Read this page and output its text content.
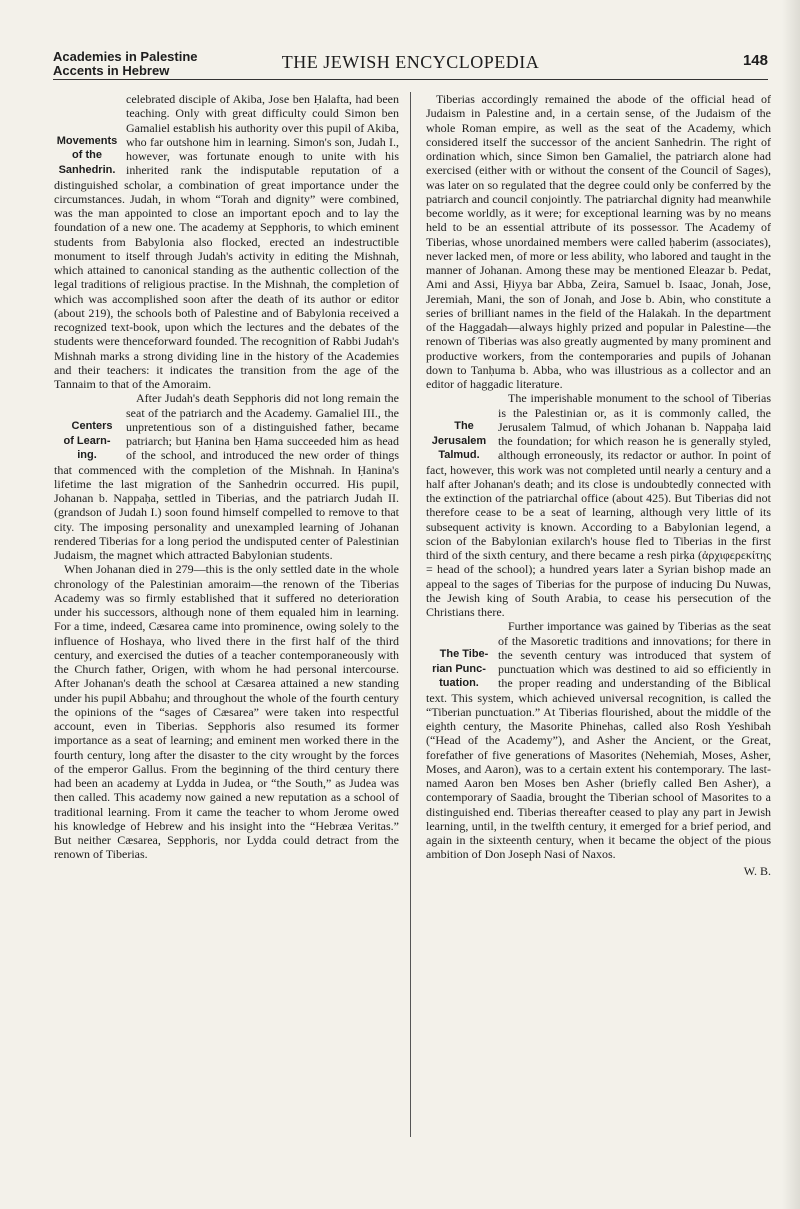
Academies in Palestine
Accents in Hebrew	THE JEWISH ENCYCLOPEDIA	148

Movements
of the
Sanhedrin.
celebrated disciple of Akiba, Jose ben Ḥalafta, had been teaching. Only with great difficulty could Simon ben Gamaliel establish his authority over this pupil of Akiba, who far outshone him in learning. Simon's son, Judah I., however, was fortunate enough to unite with his inherited rank the indisputable reputation of a distinguished scholar, a combination of great importance under the circumstances. Judah, in whom “Torah and dignity” were combined, was the man appointed to close an important epoch and to lay the foundation of a new one. The academy at Sepphoris, to which eminent students from Babylonia also flocked, erected an indestructible monument to itself through Judah's activity in editing the Mishnah, which attained to canonical standing as the authentic collection of the legal traditions of religious practise. In the Mishnah, the completion of which was accomplished soon after the death of its author or editor (about 219), the schools both of Palestine and of Babylonia received a recognized text-book, upon which the lectures and the debates of the students were thenceforward founded. The recognition of Rabbi Judah's Mishnah marks a strong dividing line in the history of the Academies and their teachers: it indicates the transition from the age of the Tannaim to that of the Amoraim.

Centers
of Learn-
ing.
After Judah's death Sepphoris did not long remain the seat of the patriarch and the Academy. Gamaliel III., the unpretentious son of a distinguished father, became patriarch; but Ḥanina ben Ḥama succeeded him as head of the school, and introduced the new order of things that commenced with the completion of the Mishnah. In Ḥanina's lifetime the last migration of the Sanhedrin occurred. His pupil, Johanan b. Nappaḥa, settled in Tiberias, and the patriarch Judah II. (grandson of Judah I.) soon found himself compelled to remove to that city. The imposing personality and unexampled learning of Johanan rendered Tiberias for a long period the undisputed center of Palestinian Judaism, the magnet which attracted Babylonian students.

When Johanan died in 279—this is the only settled date in the whole chronology of the Palestinian amoraim—the renown of the Tiberias Academy was so firmly established that it suffered no deterioration under his successors, although none of them equaled him in learning. For a time, indeed, Cæsarea came into prominence, owing solely to the influence of Hoshaya, who lived there in the first half of the third century, and exercised the duties of a teacher contemporaneously with the Church father, Origen, with whom he had personal intercourse. After Johanan's death the school at Cæsarea attained a new standing under his pupil Abbahu; and throughout the whole of the fourth century the opinions of the “sages of Cæsarea” were taken into respectful account, even in Tiberias. Sepphoris also resumed its former importance as a seat of learning; and eminent men worked there in the fourth century, long after the disaster to the city wrought by the forces of the emperor Gallus. From the beginning of the third century there had been an academy at Lydda in Judea, or “the South,” as Judea was then called. This academy now gained a new reputation as a school of traditional learning. From it came the teacher to whom Jerome owed his knowledge of Hebrew and his insight into the “Hebræa Veritas.” But neither Cæsarea, Sepphoris, nor Lydda could detract from the renown of Tiberias.

Tiberias accordingly remained the abode of the official head of Judaism in Palestine and, in a certain sense, of the Judaism of the whole Roman empire, as well as the seat of the Academy, which considered itself the successor of the ancient Sanhedrin. The right of ordination which, since Simon ben Gamaliel, the patriarch alone had exercised (either with or without the consent of the Council of Sages), was later on so regulated that the degree could only be conferred by the patriarch and council conjointly. The patriarchal dignity had meanwhile become worldly, as it were; for exceptional learning was by no means held to be an essential attribute of its possessor. The Academy of Tiberias, whose unordained members were called ḥaberim (associates), never lacked men, of more or less ability, who labored and taught in the manner of Johanan. Among these may be mentioned Eleazar b. Pedat, Ami and Assi, Ḥiyya bar Abba, Zeira, Samuel b. Isaac, Jonah, Jose, Jeremiah, Mani, the son of Jonah, and Jose b. Abin, who constitute a series of brilliant names in the field of the Halakah. In the department of the Haggadah—always highly prized and popular in Palestine—the renown of Tiberias was also greatly augmented by many prominent and productive workers, from the contemporaries and pupils of Johanan down to Tanḥuma b. Abba, who was illustrious as a collector and an editor of haggadic literature.

The
Jerusalem
Talmud.
The imperishable monument to the school of Tiberias is the Palestinian or, as it is commonly called, the Jerusalem Talmud, of which Johanan b. Nappaḥa laid the foundation; for which reason he is generally styled, although erroneously, its redactor or author. In point of fact, however, this work was not completed until nearly a century and a half after Johanan's death; and its close is undoubtedly connected with the extinction of the patriarchal office (about 425). But Tiberias did not therefore cease to be a seat of learning, although very little of its subsequent activity is known. According to a Babylonian legend, a scion of the Babylonian exilarch's house fled to Tiberias in the first third of the sixth century, and there became a resh pirḳa (ἀρχιφερεκίτης = head of the school); a hundred years later a Syrian bishop made an appeal to the sages of Tiberias for the purpose of inducing Du Nuwas, the Jewish king of South Arabia, to cease his persecution of the Christians there.

The Tibe-
rian Punc-
tuation.
Further importance was gained by Tiberias as the seat of the Masoretic traditions and innovations; for there in the seventh century was introduced that system of punctuation which was destined to aid so efficiently in the proper reading and understanding of the Biblical text. This system, which achieved universal recognition, is called the “Tiberian punctuation.” At Tiberias flourished, about the middle of the eighth century, the Masorite Phinehas, called also Rosh Yeshibah (“Head of the Academy”), and Asher the Ancient, or the Great, forefather of five generations of Masorites (Nehemiah, Moses, Asher, Moses, and Aaron), was to a certain extent his contemporary. The last-named Aaron ben Moses ben Asher (briefly called Ben Asher), a contemporary of Saadia, brought the Tiberian school of Masorites to a distinguished end. Tiberias thereafter ceased to play any part in Jewish learning, until, in the twelfth century, it emerged for a brief period, and again in the sixteenth century, when it became the object of the pious ambition of Don Joseph Nasi of Naxos.

W. B.
